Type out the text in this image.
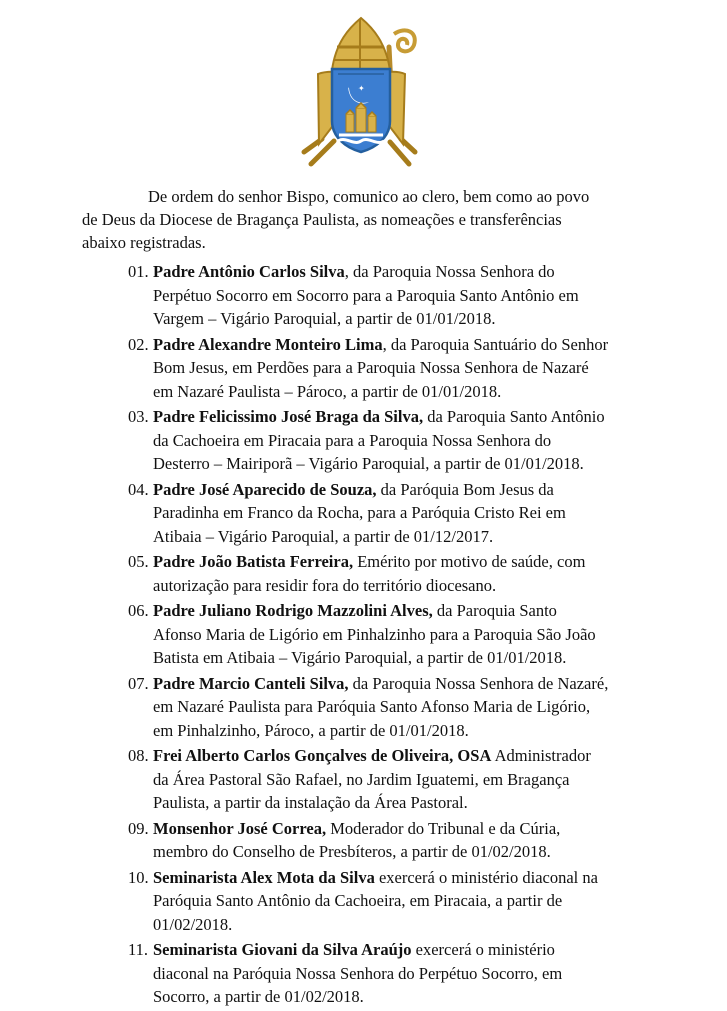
✦

De ordem do senhor Bispo, comunico ao clero, bem como ao povo
de Deus da Diocese de Bragança Paulista, as nomeações e transferências
abaixo registradas.

01. Padre Antônio Carlos Silva, da Paroquia Nossa Senhora do
Perpétuo Socorro em Socorro para a Paroquia Santo Antônio em
Vargem – Vigário Paroquial, a partir de 01/01/2018.
02. Padre Alexandre Monteiro Lima, da Paroquia Santuário do Senhor
Bom Jesus, em Perdões para a Paroquia Nossa Senhora de Nazaré
em Nazaré Paulista – Pároco, a partir de 01/01/2018.
03. Padre Felicissimo José Braga da Silva, da Paroquia Santo Antônio
da Cachoeira em Piracaia para a Paroquia Nossa Senhora do
Desterro – Mairiporã – Vigário Paroquial, a partir de 01/01/2018.
04. Padre José Aparecido de Souza, da Paróquia Bom Jesus da
Paradinha em Franco da Rocha, para a Paróquia Cristo Rei em
Atibaia – Vigário Paroquial, a partir de 01/12/2017.
05. Padre João Batista Ferreira, Emérito por motivo de saúde, com
autorização para residir fora do território diocesano.
06. Padre Juliano Rodrigo Mazzolini Alves, da Paroquia Santo
Afonso Maria de Ligório em Pinhalzinho para a Paroquia São João
Batista em Atibaia – Vigário Paroquial, a partir de 01/01/2018.
07. Padre Marcio Canteli Silva, da Paroquia Nossa Senhora de Nazaré,
em Nazaré Paulista para Paróquia Santo Afonso Maria de Ligório,
em Pinhalzinho, Pároco, a partir de 01/01/2018.
08. Frei Alberto Carlos Gonçalves de Oliveira, OSA Administrador
da Área Pastoral São Rafael, no Jardim Iguatemi, em Bragança
Paulista, a partir da instalação da Área Pastoral.
09. Monsenhor José Correa, Moderador do Tribunal e da Cúria,
membro do Conselho de Presbíteros, a partir de 01/02/2018.
10. Seminarista Alex Mota da Silva exercerá o ministério diaconal na
Paróquia Santo Antônio da Cachoeira, em Piracaia, a partir de
01/02/2018.
11. Seminarista Giovani da Silva Araújo exercerá o ministério
diaconal na Paróquia Nossa Senhora do Perpétuo Socorro, em
Socorro, a partir de 01/02/2018.
